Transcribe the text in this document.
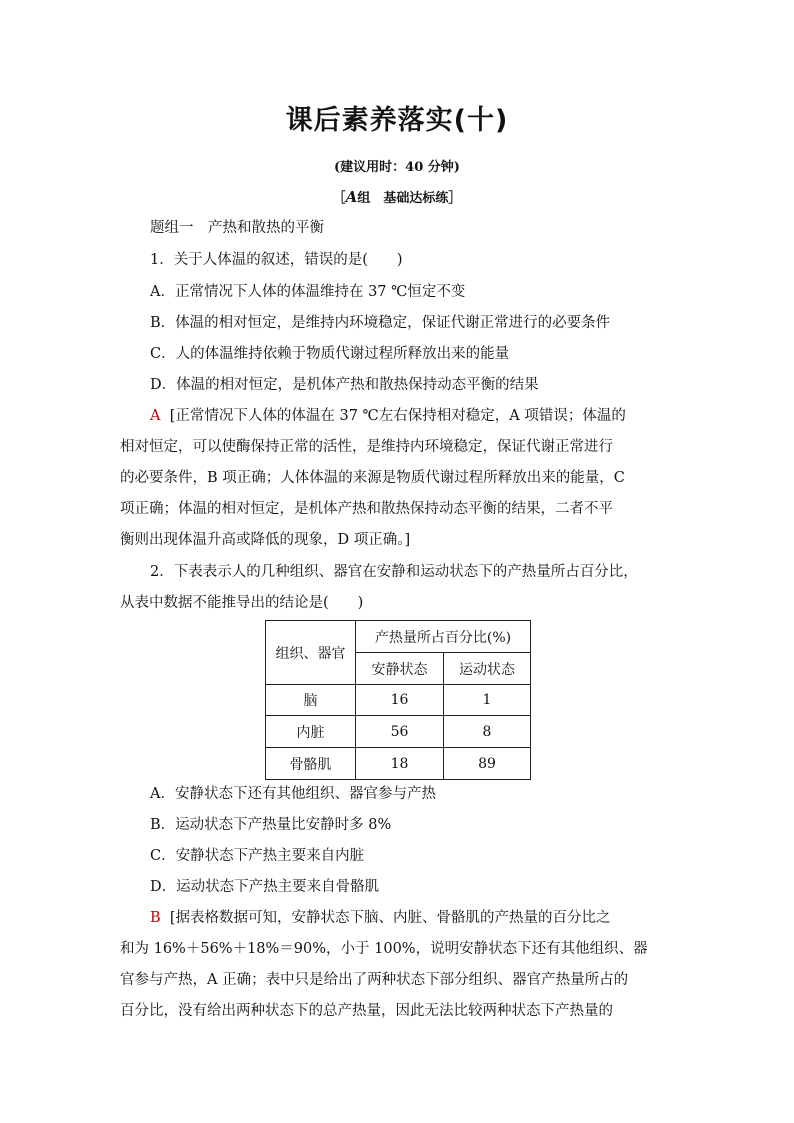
课后素养落实(十)
(建议用时：40 分钟)
［A组　基础达标练］
题组一　产热和散热的平衡
1．关于人体温的叙述，错误的是(　　)
A．正常情况下人体的体温维持在 37 ℃恒定不变
B．体温的相对恒定，是维持内环境稳定，保证代谢正常进行的必要条件
C．人的体温维持依赖于物质代谢过程所释放出来的能量
D．体温的相对恒定，是机体产热和散热保持动态平衡的结果
A [正常情况下人体的体温在 37 ℃左右保持相对稳定，A 项错误；体温的
相对恒定，可以使酶保持正常的活性，是维持内环境稳定，保证代谢正常进行
的必要条件，B 项正确；人体体温的来源是物质代谢过程所释放出来的能量，C
项正确；体温的相对恒定，是机体产热和散热保持动态平衡的结果，二者不平
衡则出现体温升高或降低的现象，D 项正确。]
2．下表表示人的几种组织、器官在安静和运动状态下的产热量所占百分比，
从表中数据不能推导出的结论是(　　)
组织、器官	产热量所占百分比(%)	
	安静状态	运动状态
脑	16	1
内脏	56	8
骨骼肌	18	89
A．安静状态下还有其他组织、器官参与产热
B．运动状态下产热量比安静时多 8%
C．安静状态下产热主要来自内脏
D．运动状态下产热主要来自骨骼肌
B [据表格数据可知，安静状态下脑、内脏、骨骼肌的产热量的百分比之
和为 16%＋56%＋18%＝90%，小于 100%，说明安静状态下还有其他组织、器
官参与产热，A 正确；表中只是给出了两种状态下部分组织、器官产热量所占的
百分比，没有给出两种状态下的总产热量，因此无法比较两种状态下产热量的
